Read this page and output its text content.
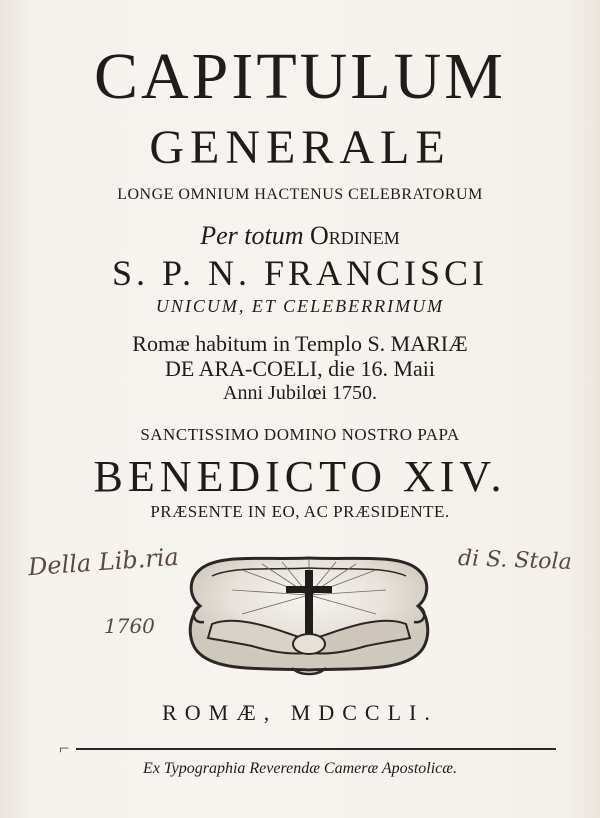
CAPITULUM
GENERALE
LONGE OMNIUM HACTENUS CELEBRATORUM
Per totum Ordinem
S. P. N. FRANCISCI
UNICUM, ET CELEBERRIMUM
Romæ habitum in Templo S. MARIÆ
DE ARA-COELI, die 16. Maii
Anni Jubilœi 1750.
SANCTISSIMO DOMINO NOSTRO PAPA
BENEDICTO XIV.
PRÆSENTE IN EO, AC PRÆSIDENTE.
Della Lib.ria	di S. Stola
1760
ROMÆ, MDCCLI.
⌐
Ex Typographia Reverendæ Cameræ Apostolicæ.
